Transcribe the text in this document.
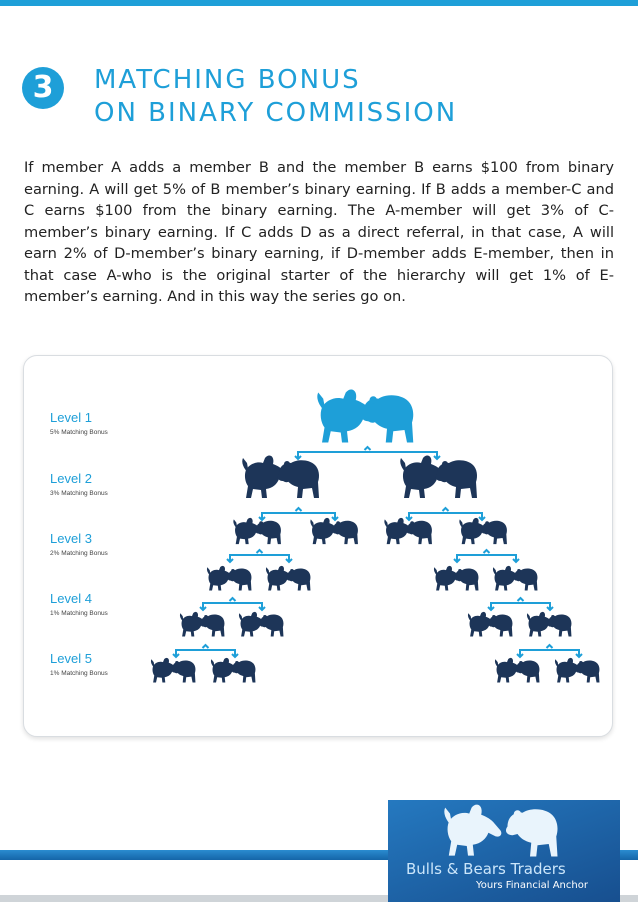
3	MATCHING BONUS
ON BINARY COMMISSION

If member A adds a member B and the member B earns $100 from binary earning. A will get 5% of B member’s binary earning. If B adds a member-C and C earns $100 from the binary earning. The A-member will get 3% of C-member’s binary earning. If C adds D as a direct referral, in that case, A will earn 2% of D-member’s binary earning, if D-member adds E-member, then in that case A-who is the original starter of the hierarchy will get 1% of E-member’s earning. And in this way the series go on.

Level 1
5% Matching Bonus
Level 2
3% Matching Bonus
Level 3
2% Matching Bonus
Level 4
1% Matching Bonus
Level 5
1% Matching Bonus
Bulls & Bears Traders
Yours Financial Anchor
